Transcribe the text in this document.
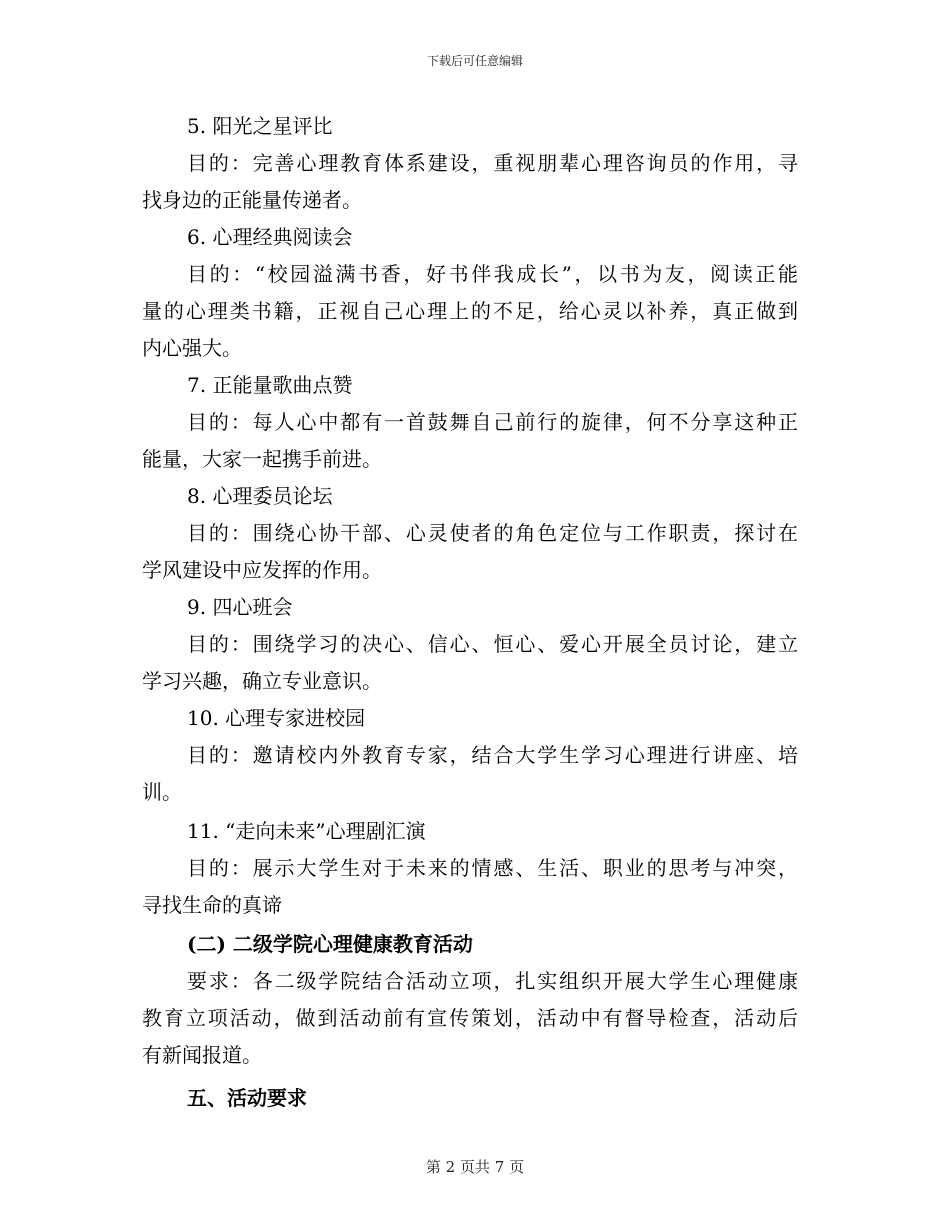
下载后可任意编辑
5. 阳光之星评比
目的：完善心理教育体系建设，重视朋辈心理咨询员的作用，寻
找身边的正能量传递者。
6. 心理经典阅读会
目的：“校园溢满书香，好书伴我成长”，以书为友，阅读正能
量的心理类书籍，正视自己心理上的不足，给心灵以补养，真正做到
内心强大。
7. 正能量歌曲点赞
目的：每人心中都有一首鼓舞自己前行的旋律，何不分享这种正
能量，大家一起携手前进。
8. 心理委员论坛
目的：围绕心协干部、心灵使者的角色定位与工作职责，探讨在
学风建设中应发挥的作用。
9. 四心班会
目的：围绕学习的决心、信心、恒心、爱心开展全员讨论，建立
学习兴趣，确立专业意识。
10. 心理专家进校园
目的：邀请校内外教育专家，结合大学生学习心理进行讲座、培
训。
11. “走向未来”心理剧汇演
目的：展示大学生对于未来的情感、生活、职业的思考与冲突，
寻找生命的真谛
(二) 二级学院心理健康教育活动
要求：各二级学院结合活动立项，扎实组织开展大学生心理健康
教育立项活动，做到活动前有宣传策划，活动中有督导检查，活动后
有新闻报道。
五、活动要求
第 2 页共 7 页
